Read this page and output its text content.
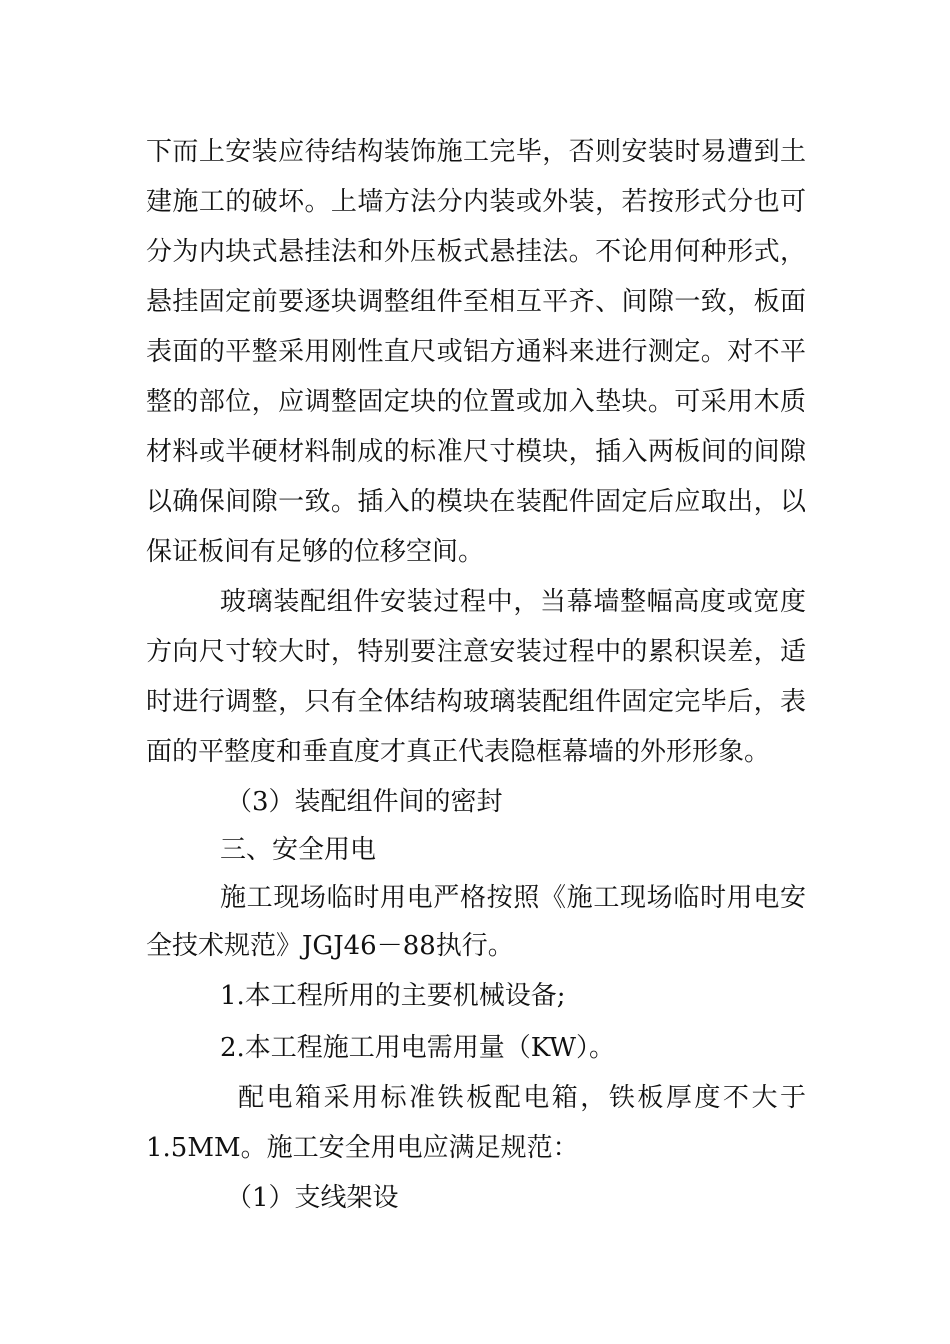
下而上安装应待结构装饰施工完毕，否则安装时易遭到土
建施工的破坏。上墙方法分内装或外装，若按形式分也可
分为内块式悬挂法和外压板式悬挂法。不论用何种形式，
悬挂固定前要逐块调整组件至相互平齐、间隙一致，板面
表面的平整采用刚性直尺或铝方通料来进行测定。对不平
整的部位，应调整固定块的位置或加入垫块。可采用木质
材料或半硬材料制成的标准尺寸模块，插入两板间的间隙
以确保间隙一致。插入的模块在装配件固定后应取出，以
保证板间有足够的位移空间。
玻璃装配组件安装过程中，当幕墙整幅高度或宽度
方向尺寸较大时，特别要注意安装过程中的累积误差，适
时进行调整，只有全体结构玻璃装配组件固定完毕后，表
面的平整度和垂直度才真正代表隐框幕墙的外形形象。
（3）装配组件间的密封
三、安全用电
施工现场临时用电严格按照《施工现场临时用电安
全技术规范》JGJ46－88执行。
1.本工程所用的主要机械设备;
2.本工程施工用电需用量（KW）。
配电箱采用标准铁板配电箱，铁板厚度不大于
1.5MM。施工安全用电应满足规范：
（1）支线架设
